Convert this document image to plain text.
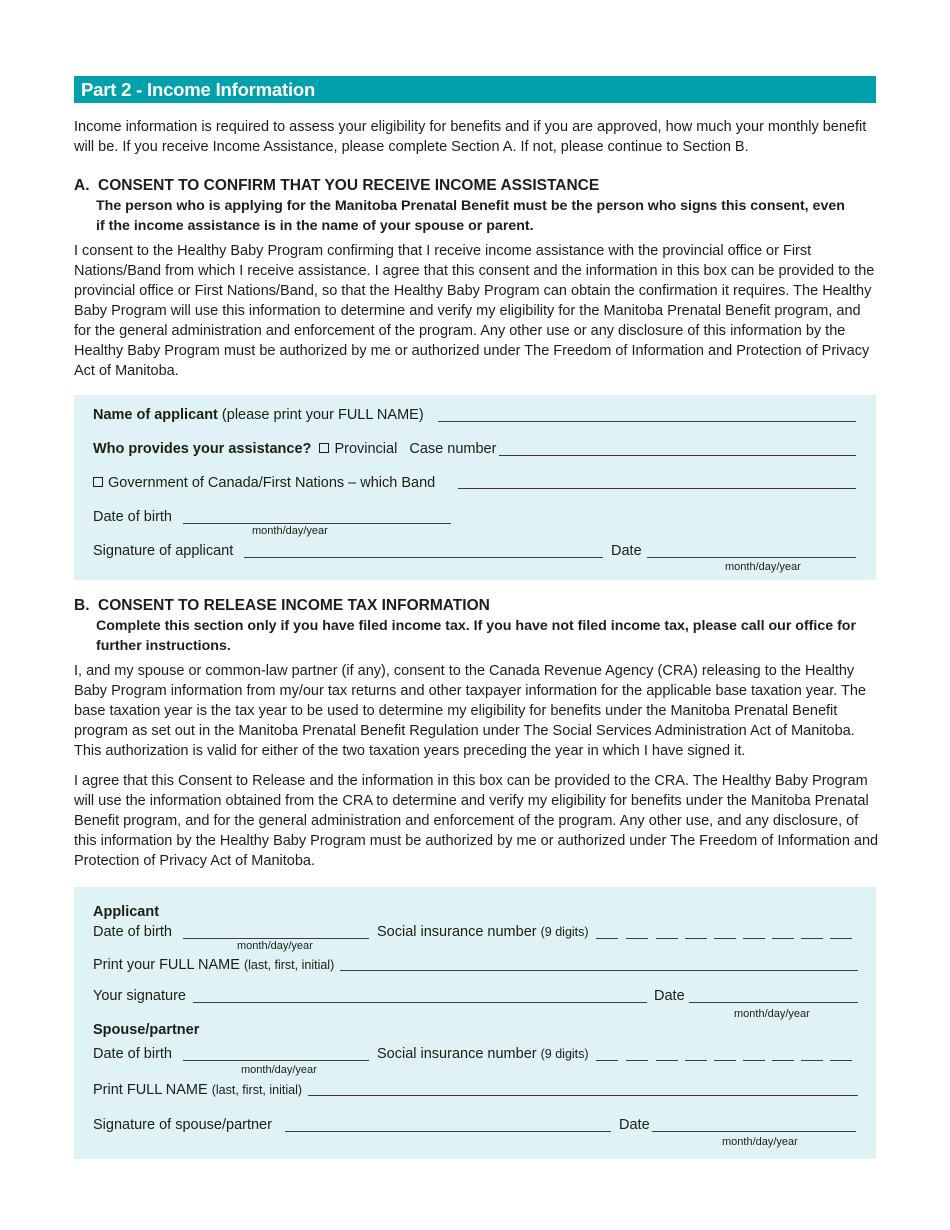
Part 2 - Income Information
Income information is required to assess your eligibility for benefits and if you are approved, how much your monthly benefit will be. If you receive Income Assistance, please complete Section A. If not, please continue to Section B.
A. CONSENT TO CONFIRM THAT YOU RECEIVE INCOME ASSISTANCE
The person who is applying for the Manitoba Prenatal Benefit must be the person who signs this consent, even if the income assistance is in the name of your spouse or parent.
I consent to the Healthy Baby Program confirming that I receive income assistance with the provincial office or First Nations/Band from which I receive assistance. I agree that this consent and the information in this box can be provided to the provincial office or First Nations/Band, so that the Healthy Baby Program can obtain the confirmation it requires. The Healthy Baby Program will use this information to determine and verify my eligibility for the Manitoba Prenatal Benefit program, and for the general administration and enforcement of the program. Any other use or any disclosure of this information by the Healthy Baby Program must be authorized by me or authorized under The Freedom of Information and Protection of Privacy Act of Manitoba.
Name of applicant (please print your FULL NAME)
Who provides your assistance? Provincial Case number
Government of Canada/First Nations – which Band
Date of birth
month/day/year
Signature of applicant	Date
month/day/year
B. CONSENT TO RELEASE INCOME TAX INFORMATION
Complete this section only if you have filed income tax. If you have not filed income tax, please call our office for further instructions.
I, and my spouse or common-law partner (if any), consent to the Canada Revenue Agency (CRA) releasing to the Healthy Baby Program information from my/our tax returns and other taxpayer information for the applicable base taxation year. The base taxation year is the tax year to be used to determine my eligibility for benefits under the Manitoba Prenatal Benefit program as set out in the Manitoba Prenatal Benefit Regulation under The Social Services Administration Act of Manitoba. This authorization is valid for either of the two taxation years preceding the year in which I have signed it.
I agree that this Consent to Release and the information in this box can be provided to the CRA. The Healthy Baby Program will use the information obtained from the CRA to determine and verify my eligibility for benefits under the Manitoba Prenatal Benefit program, and for the general administration and enforcement of the program. Any other use, and any disclosure, of this information by the Healthy Baby Program must be authorized by me or authorized under The Freedom of Information and Protection of Privacy Act of Manitoba.
Applicant
Date of birth
month/day/year
Social insurance number (9 digits)
Print your FULL NAME (last, first, initial)
Your signature	Date
month/day/year
Spouse/partner
Date of birth
month/day/year
Social insurance number (9 digits)
Print FULL NAME (last, first, initial)
Signature of spouse/partner	Date
month/day/year
